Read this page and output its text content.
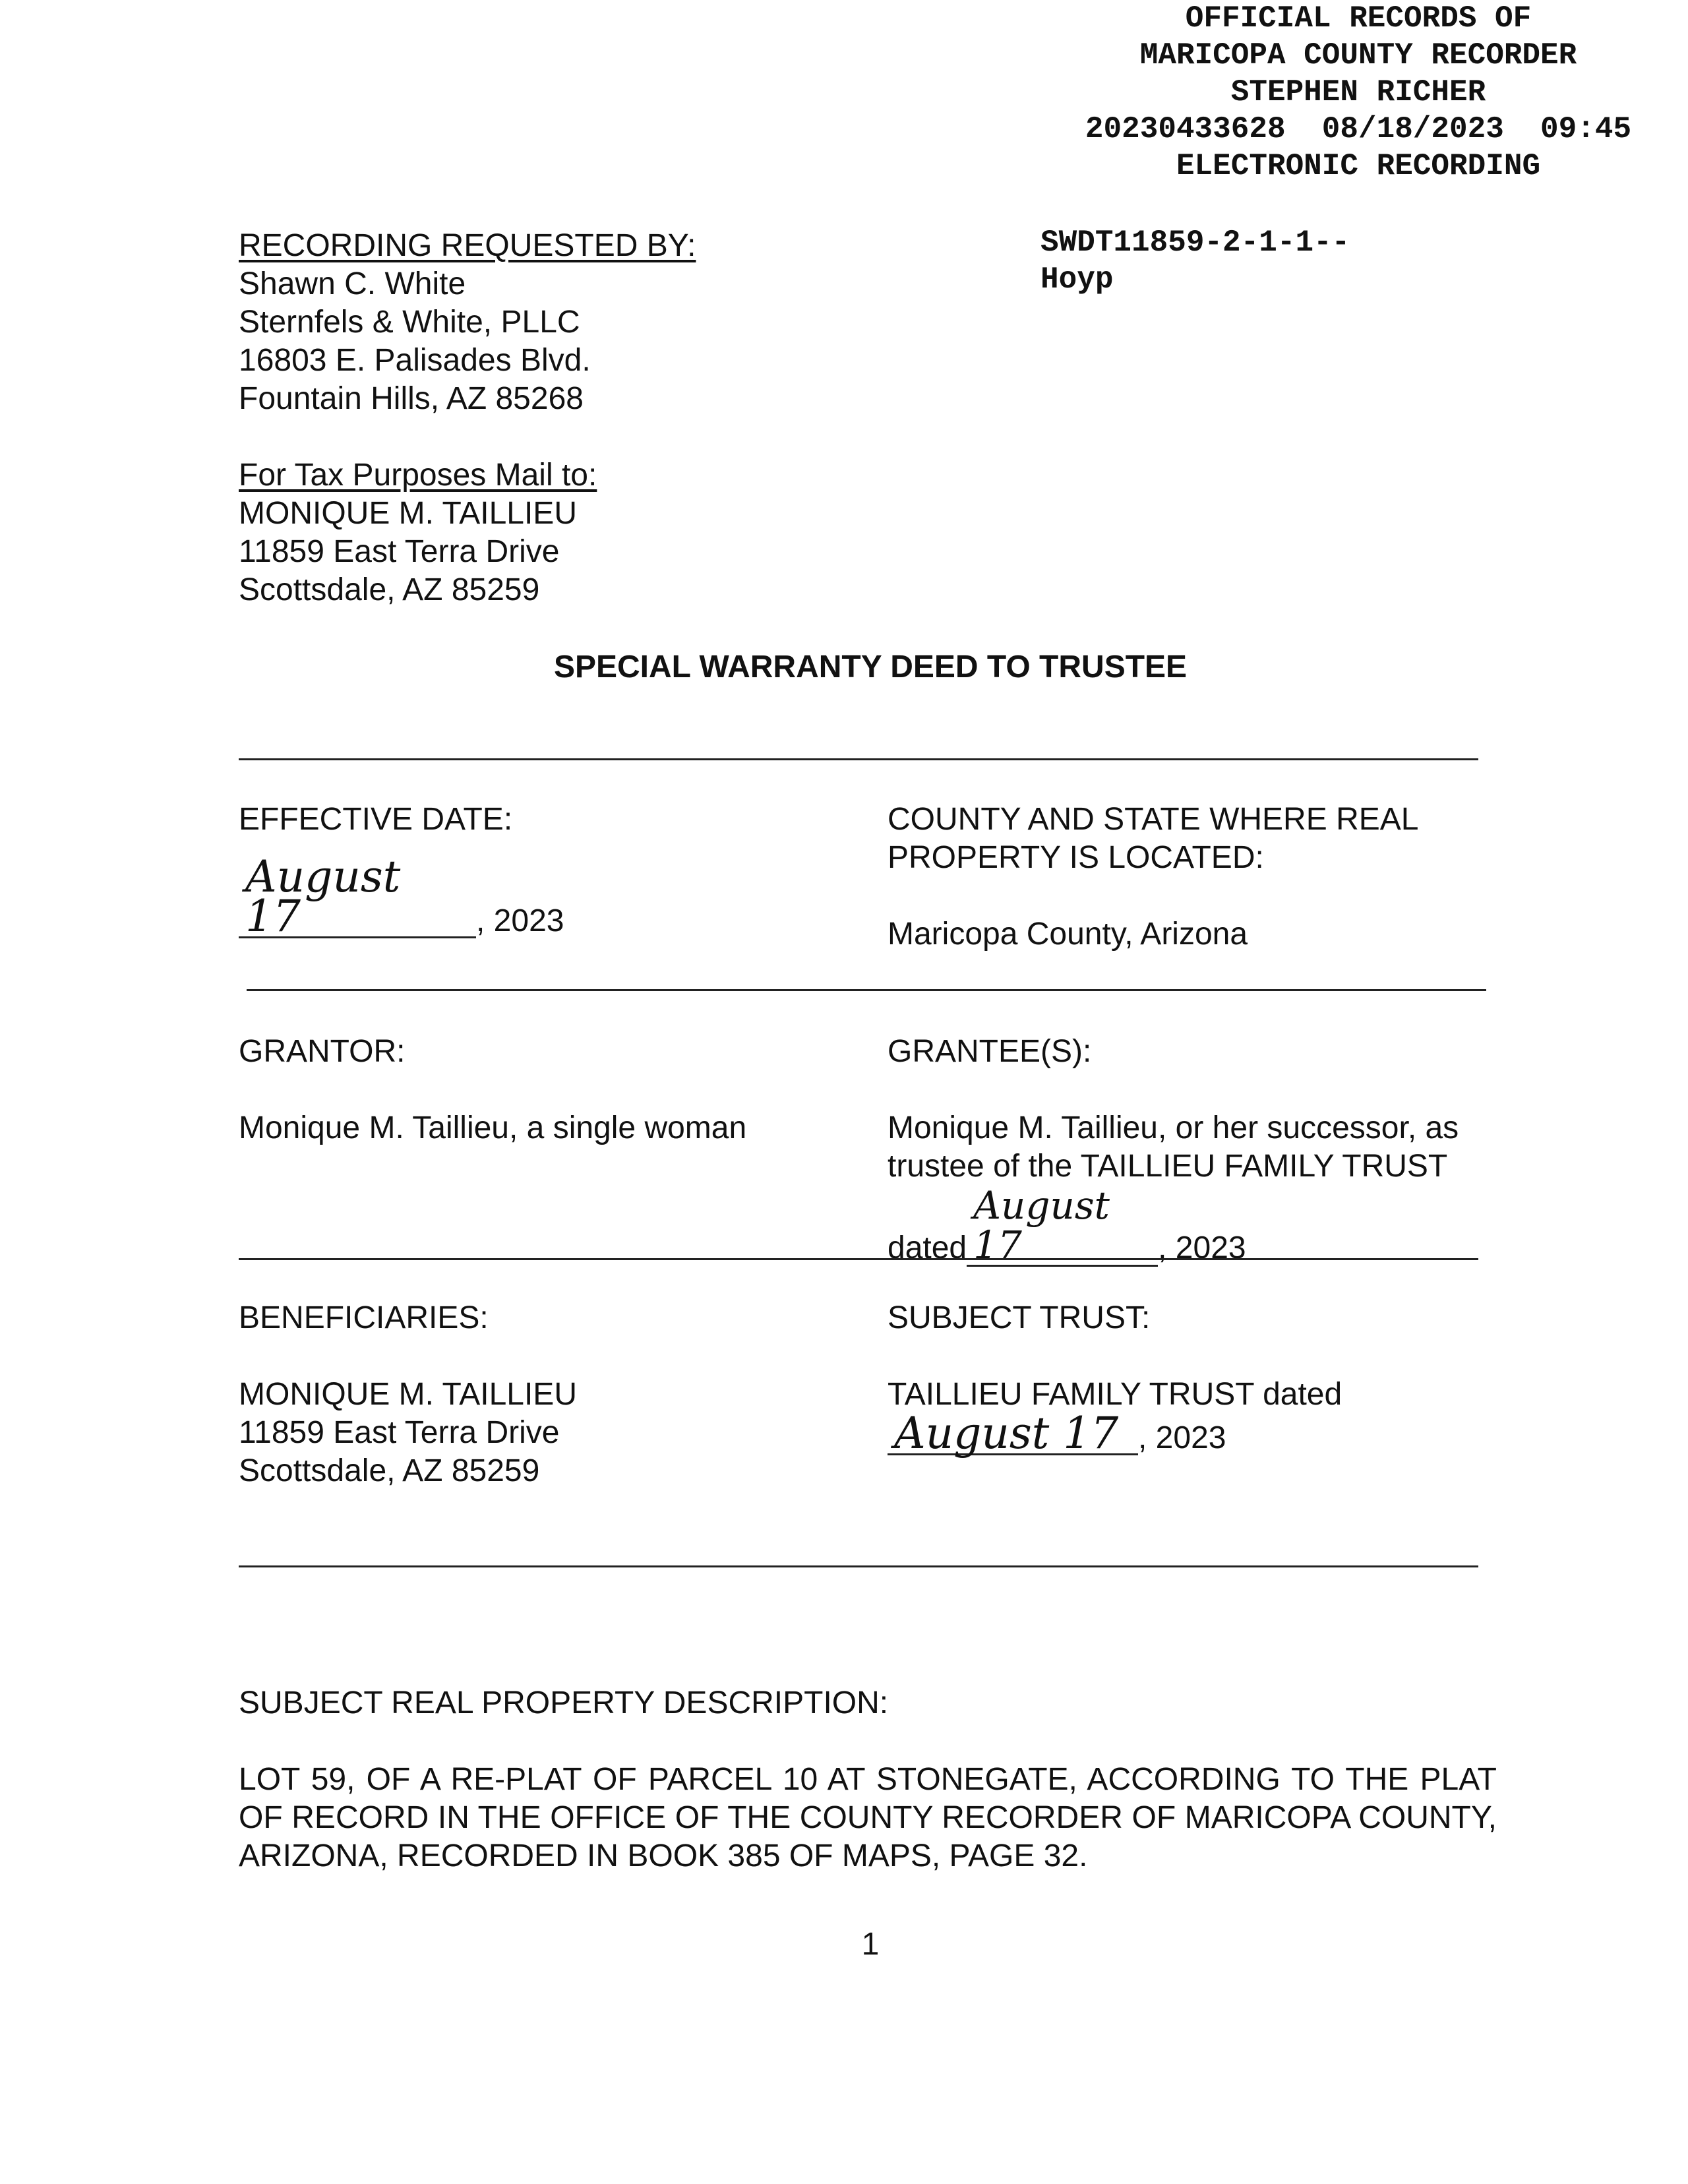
OFFICIAL RECORDS OF
MARICOPA COUNTY RECORDER
STEPHEN RICHER
20230433628  08/18/2023  09:45
ELECTRONIC RECORDING
SWDT11859-2-1-1--
Hoyp
RECORDING REQUESTED BY:
Shawn C. White
Sternfels & White, PLLC
16803 E. Palisades Blvd.
Fountain Hills, AZ 85268
For Tax Purposes Mail to:
MONIQUE M. TAILLIEU
11859 East Terra Drive
Scottsdale, AZ 85259
SPECIAL WARRANTY DEED TO TRUSTEE
EFFECTIVE DATE:
August 17	, 2023
COUNTY AND STATE WHERE REAL
PROPERTY IS LOCATED:
Maricopa County, Arizona
GRANTOR:
Monique M. Taillieu, a single woman
GRANTEE(S):
Monique M. Taillieu, or her successor, as
trustee of the TAILLIEU FAMILY TRUST
datedAugust 17	, 2023
BENEFICIARIES:
MONIQUE M. TAILLIEU
11859 East Terra Drive
Scottsdale, AZ 85259
SUBJECT TRUST:
TAILLIEU FAMILY TRUST dated
August 17 , 2023
SUBJECT REAL PROPERTY DESCRIPTION:
LOT 59, OF A RE-PLAT OF PARCEL 10 AT STONEGATE, ACCORDING TO THE PLAT OF RECORD IN THE OFFICE OF THE COUNTY RECORDER OF MARICOPA COUNTY, ARIZONA, RECORDED IN BOOK 385 OF MAPS, PAGE 32.
1
